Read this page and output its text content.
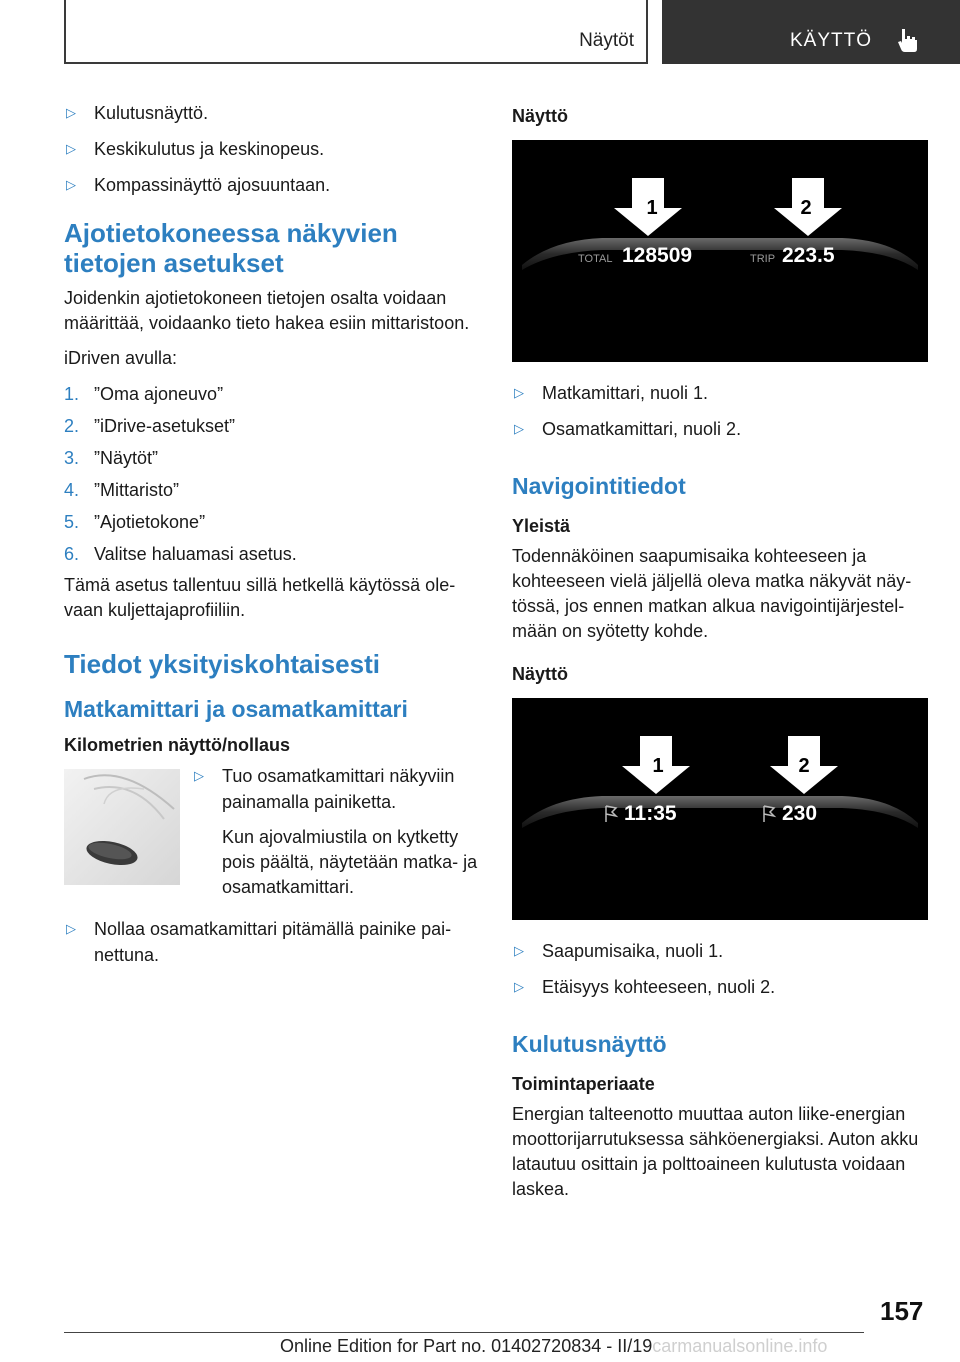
Näytöt	KÄYTTÖ
▷	Kulutusnäyttö.
▷	Keskikulutus ja keskinopeus.
▷	Kompassinäyttö ajosuuntaan.
Ajotietokoneessa näkyvien tietojen asetukset
Joidenkin ajotietokoneen tietojen osalta voidaan määrittää, voidaanko tieto hakea esiin mittaristoon.
iDriven avulla:
1. ”Oma ajoneuvo”
2. ”iDrive-asetukset”
3. ”Näytöt”
4. ”Mittaristo”
5. ”Ajotietokone”
6. Valitse haluamasi asetus.
Tämä asetus tallentuu sillä hetkellä käytössä olevaan kuljettajaprofiiliin.
Tiedot yksityiskohtaisesti
Matkamittari ja osamatkamittari
Kilometrien näyttö/nollaus
▷	Tuo osamatkamittari näkyviin painamalla painiketta.
Kun ajovalmiustila on kytketty pois päältä, näytetään matka- ja osamatkamittari.
▷	Nollaa osamatkamittari pitämällä painike painettuna.
Näyttö
1	2
TOTAL 128509	TRIP 223.5
▷	Matkamittari, nuoli 1.
▷	Osamatkamittari, nuoli 2.
Navigointitiedot
Yleistä
Todennäköinen saapumisaika kohteeseen ja kohteeseen vielä jäljellä oleva matka näkyvät näytössä, jos ennen matkan alkua navigointijärjestelmään on syötetty kohde.
Näyttö
1	2
11:35	230
▷	Saapumisaika, nuoli 1.
▷	Etäisyys kohteeseen, nuoli 2.
Kulutusnäyttö
Toimintaperiaate
Energian talteenotto muuttaa auton liike-energian moottorijarrutuksessa sähköenergiaksi. Auton akku latautuu osittain ja polttoaineen kulutusta voidaan laskea.
157
Online Edition for Part no. 01402720834 - II/19carmanualsonline.info
